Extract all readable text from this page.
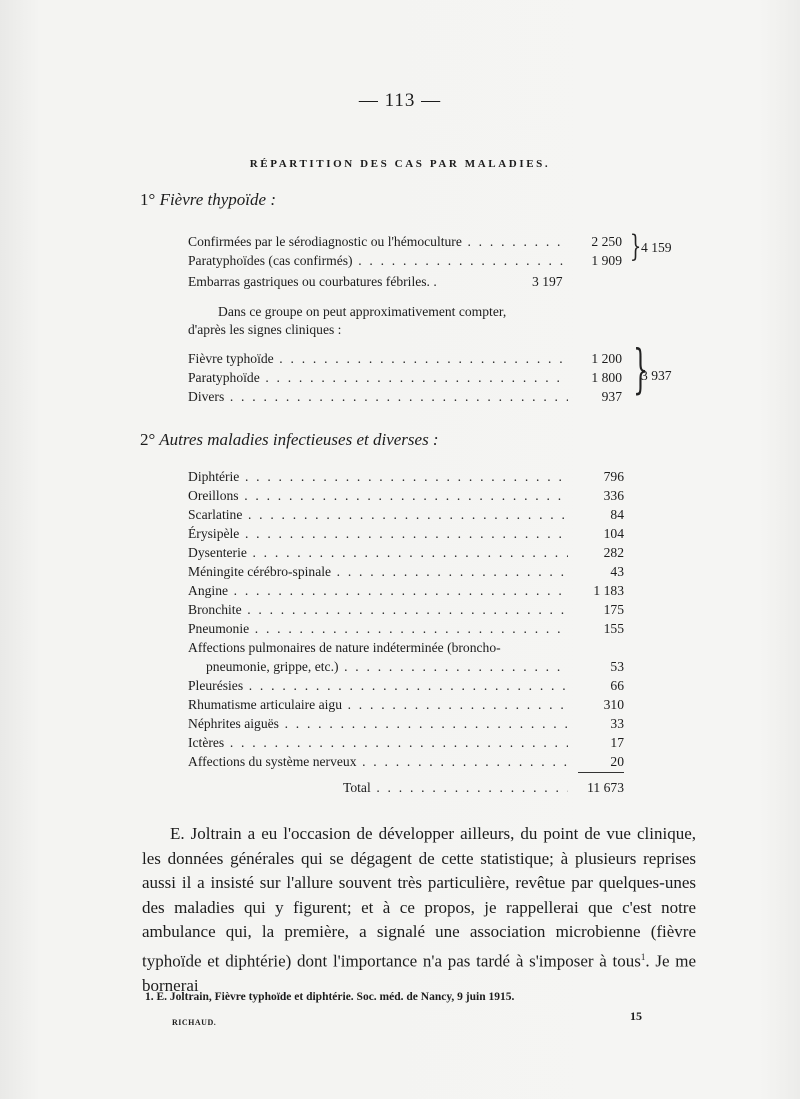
— 113 —
RÉPARTITION DES CAS PAR MALADIES.
1° Fièvre thypoïde :
Confirmées par le sérodiagnostic ou l'hémoculture . . .	2 250
Paratyphoïdes (cas confirmés) . . .	1 909 } 4 159
Embarras gastriques ou courbatures fébriles. .	3 197
Dans ce groupe on peut approximativement compter,
d'après les signes cliniques :
Fièvre typhoïde . . .	1 200
Paratyphoïde . . .	1 800
Divers . . .	937 }
3 937
2° Autres maladies infectieuses et diverses :
Diphtérie . . .	796
Oreillons . . .	336
Scarlatine . . .	84
Érysipèle . . .	104
Dysenterie . . .	282
Méningite cérébro-spinale . . .	43
Angine . . .	1 183
Bronchite . . .	175
Pneumonie . . .	155
Affections pulmonaires de nature indéterminée (broncho-
pneumonie, grippe, etc.) . . .	53
Pleurésies . . .	66
Rhumatisme articulaire aigu . . .	310
Néphrites aiguës . . .	33
Ictères . . .	17
Affections du système nerveux . . .	20
Total . . .	11 673

E. Joltrain a eu l'occasion de développer ailleurs, du point de vue clinique, les données générales qui se dégagent de cette statistique; à plusieurs reprises aussi il a insisté sur l'allure souvent très particulière, revêtue par quelques-unes des maladies qui y figurent; et à ce propos, je rappellerai que c'est notre ambulance qui, la première, a signalé une association microbienne (fièvre typhoïde et diphtérie) dont l'importance n'a pas tardé à s'imposer à tous$^1$. Je me bornerai

1. E. Joltrain, Fièvre typhoïde et diphtérie. Soc. méd. de Nancy, 9 juin 1915.
RICHAUD.	15
